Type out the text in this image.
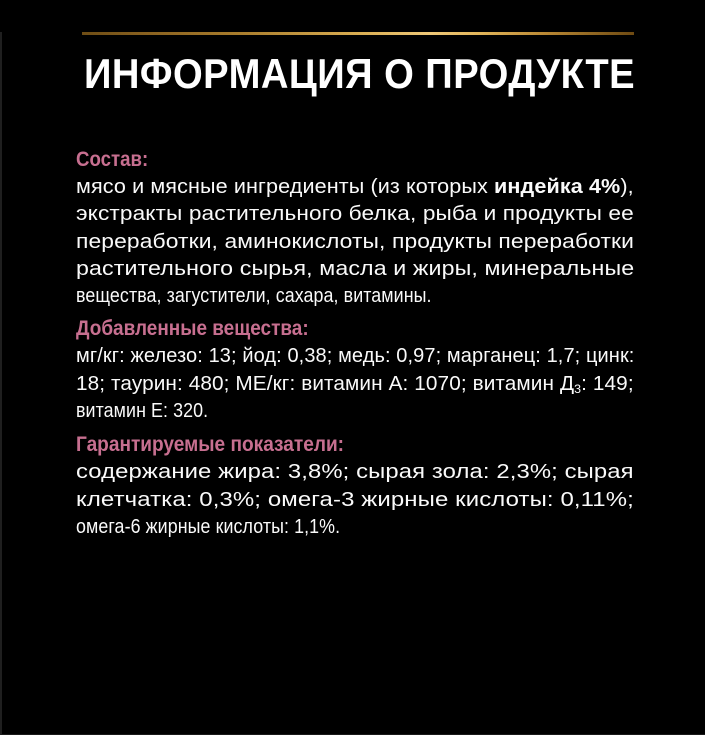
ИНФОРМАЦИЯ О ПРОДУКТЕ
Состав:
мясо и мясные ингредиенты (из которых индейка 4%),
экстракты растительного белка, рыба и продукты ее
переработки, аминокислоты, продукты переработки
растительного сырья, масла и жиры, минеральные
вещества, загустители, сахара, витамины.
Добавленные вещества:
мг/кг: железо: 13; йод: 0,38; медь: 0,97; марганец: 1,7; цинк:
18; таурин: 480; МЕ/кг: витамин А: 1070; витамин $Д_3$: 149;
витамин Е: 320.
Гарантируемые показатели:
содержание жира: 3,8%; сырая зола: 2,3%; сырая
клетчатка: 0,3%; омега-3 жирные кислоты: 0,11%;
омега-6 жирные кислоты: 1,1%.
